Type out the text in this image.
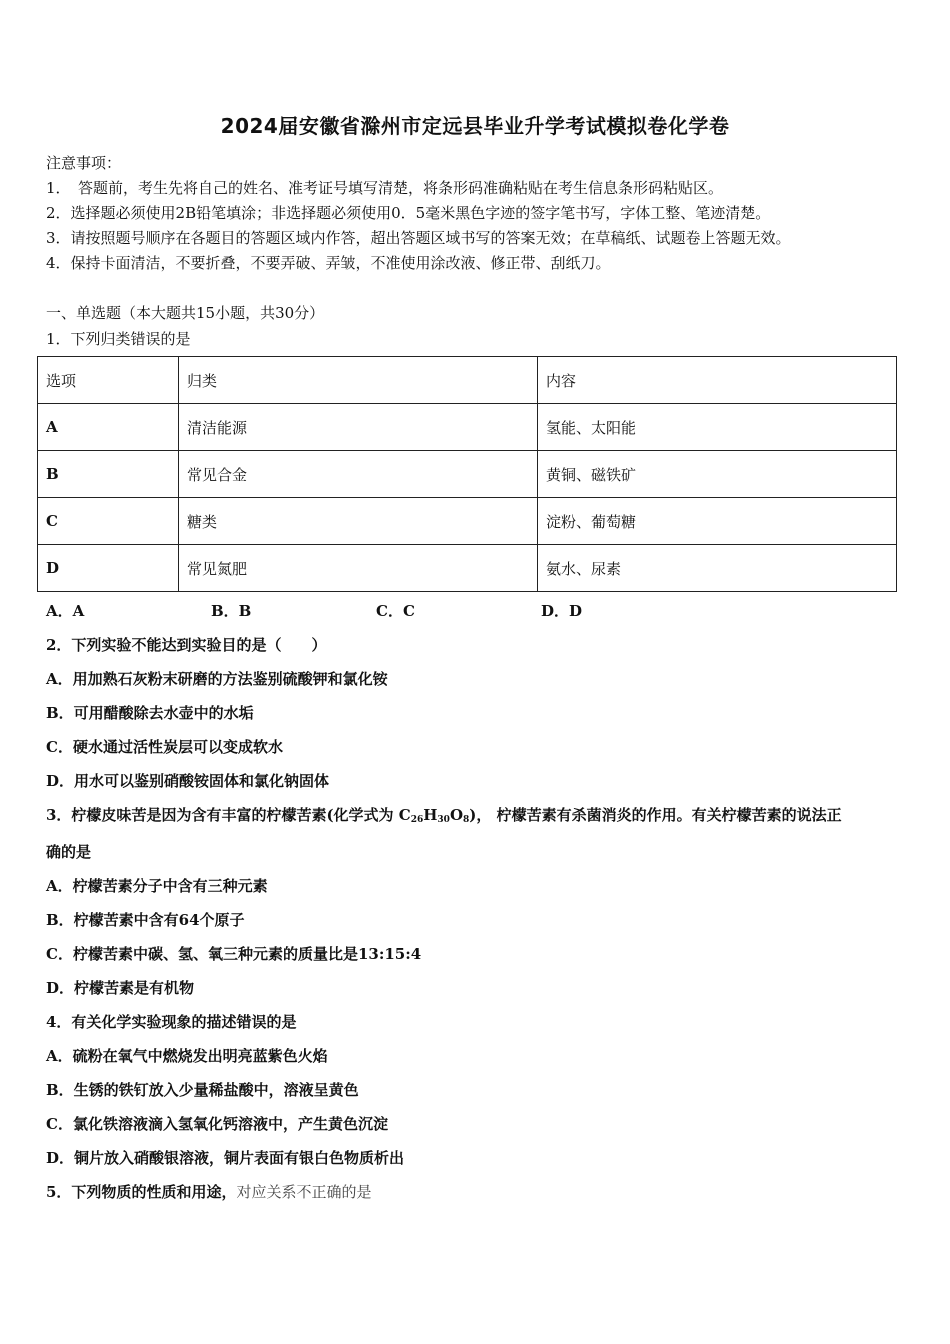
2024届安徽省滁州市定远县毕业升学考试模拟卷化学卷
注意事项：
1．　答题前，考生先将自己的姓名、准考证号填写清楚，将条形码准确粘贴在考生信息条形码粘贴区。
2．选择题必须使用2B铅笔填涂；非选择题必须使用0．5毫米黑色字迹的签字笔书写，字体工整、笔迹清楚。
3．请按照题号顺序在各题目的答题区域内作答，超出答题区域书写的答案无效；在草稿纸、试题卷上答题无效。
4．保持卡面清洁，不要折叠，不要弄破、弄皱，不准使用涂改液、修正带、刮纸刀。
一、单选题（本大题共15小题，共30分）
1．下列归类错误的是
选项	归类	内容
A	清洁能源	氢能、太阳能
B	常见合金	黄铜、磁铁矿
C	糖类	淀粉、葡萄糖
D	常见氮肥	氨水、尿素
A．A	B．B	C．C	D．D
2．下列实验不能达到实验目的是（　　）
A．用加熟石灰粉末研磨的方法鉴别硫酸钾和氯化铵
B．可用醋酸除去水壶中的水垢
C．硬水通过活性炭层可以变成软水
D．用水可以鉴别硝酸铵固体和氯化钠固体
3．柠檬皮味苦是因为含有丰富的柠檬苦素(化学式为 $C_{26}H_{30}O_8$)， 柠檬苦素有杀菌消炎的作用。有关柠檬苦素的说法正
确的是
A．柠檬苦素分子中含有三种元素
B．柠檬苦素中含有64个原子
C．柠檬苦素中碳、氢、氧三种元素的质量比是13:15:4
D．柠檬苦素是有机物
4．有关化学实验现象的描述错误的是
A．硫粉在氧气中燃烧发出明亮蓝紫色火焰
B．生锈的铁钉放入少量稀盐酸中，溶液呈黄色
C．氯化铁溶液滴入氢氧化钙溶液中，产生黄色沉淀
D．铜片放入硝酸银溶液，铜片表面有银白色物质析出
5．下列物质的性质和用途，对应关系不正确的是
